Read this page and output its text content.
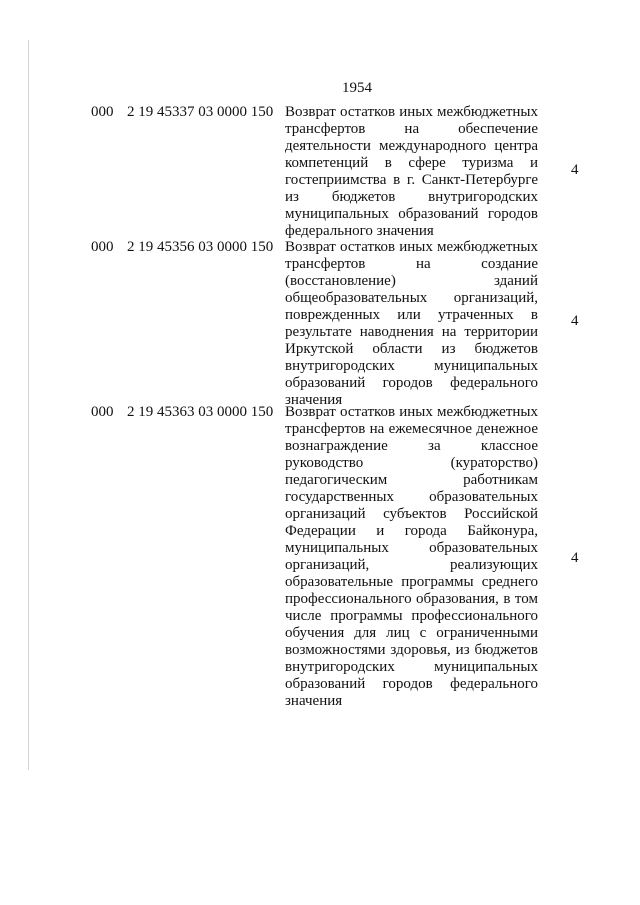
1954
000 2 19 45337 03 0000 150 Возврат остатков иных межбюджетных трансфертов на обеспечение деятельности международного центра компетенций в сфере туризма и гостеприимства в г. Санкт-Петербурге из бюджетов внутригородских муниципальных образований городов федерального значения
4
000 2 19 45356 03 0000 150 Возврат остатков иных межбюджетных трансфертов на создание (восстановление) зданий общеобразовательных организаций, поврежденных или утраченных в результате наводнения на территории Иркутской области из бюджетов внутригородских муниципальных образований городов федерального значения
4
000 2 19 45363 03 0000 150 Возврат остатков иных межбюджетных трансфертов на ежемесячное денежное вознаграждение за классное руководство (кураторство) педагогическим работникам государственных образовательных организаций субъектов Российской Федерации и города Байконура, муниципальных образовательных организаций, реализующих образовательные программы среднего профессионального образования, в том числе программы профессионального обучения для лиц с ограниченными возможностями здоровья, из бюджетов внутригородских муниципальных образований городов федерального значения
4
